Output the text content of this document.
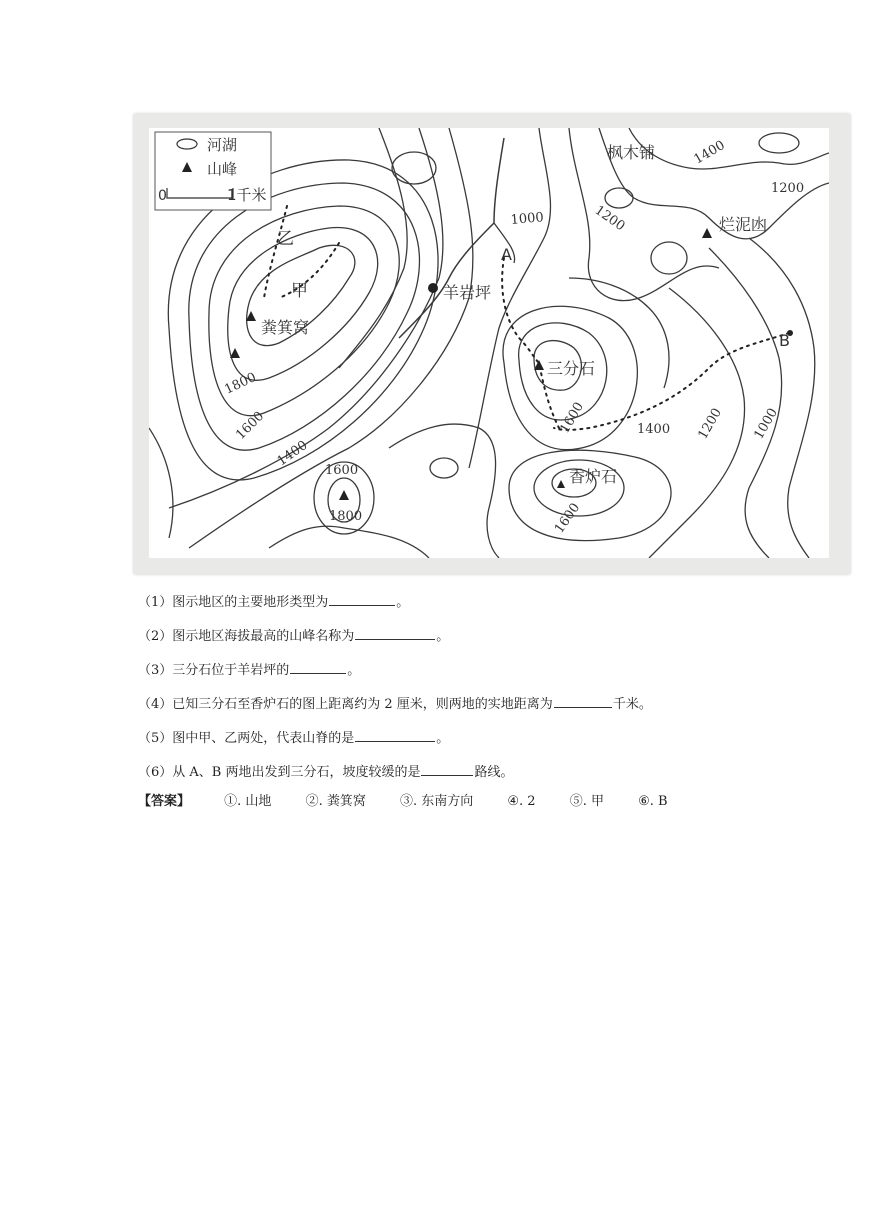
河湖
山峰
0	1千米
枫木铺
烂泥凼
羊岩坪
粪箕窝
三分石
香炉石
甲
乙
A
B
1400
1200
1000	1200
1800
1600
1400
1600
1800
1600	1400 1200 1000
1600
（1）图示地区的主要地形类型为	。
（2）图示地区海拔最高的山峰名称为	。
（3）三分石位于羊岩坪的	。
（4）已知三分石至香炉石的图上距离约为 2 厘米，则两地的实地距离为	千米。
（5）图中甲、乙两处，代表山脊的是	。
（6）从 A、B 两地出发到三分石，坡度较缓的是	路线。
【答案】	①. 山地	②. 粪箕窝	③. 东南方向	④. 2	⑤. 甲	⑥. B
